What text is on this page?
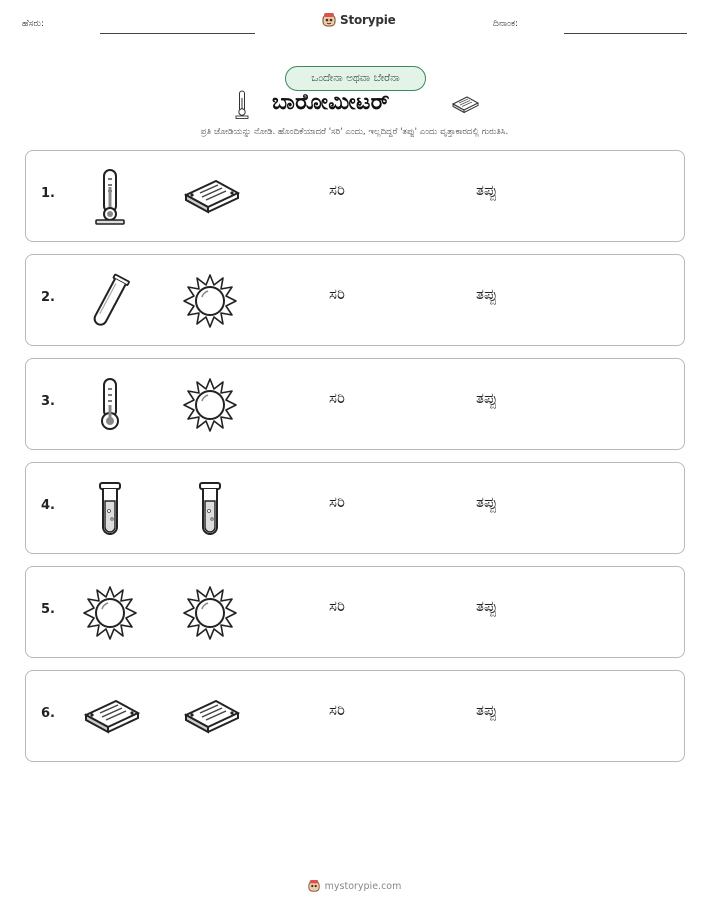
ಹೆಸರು:	Storypie	ದಿನಾಂಕ:
ಒಂದೇನಾ ಅಥವಾ ಬೇರೆನಾ
ಬಾರೋಮೀಟರ್
ಪ್ರತಿ ಜೋಡಿಯನ್ನು ನೋಡಿ. ಹೊಂದಿಕೆಯಾದರೆ 'ಸರಿ' ಎಂದು, ಇಲ್ಲದಿದ್ದರೆ 'ತಪ್ಪು' ಎಂದು ವೃತ್ತಾಕಾರದಲ್ಲಿ ಗುರುತಿಸಿ.
1.	ಸರಿ	ತಪ್ಪು
2.	ಸರಿ	ತಪ್ಪು
3.	ಸರಿ	ತಪ್ಪು
4.	ಸರಿ	ತಪ್ಪು
5.	ಸರಿ	ತಪ್ಪು
6.	ಸರಿ	ತಪ್ಪು
mystorypie.com
